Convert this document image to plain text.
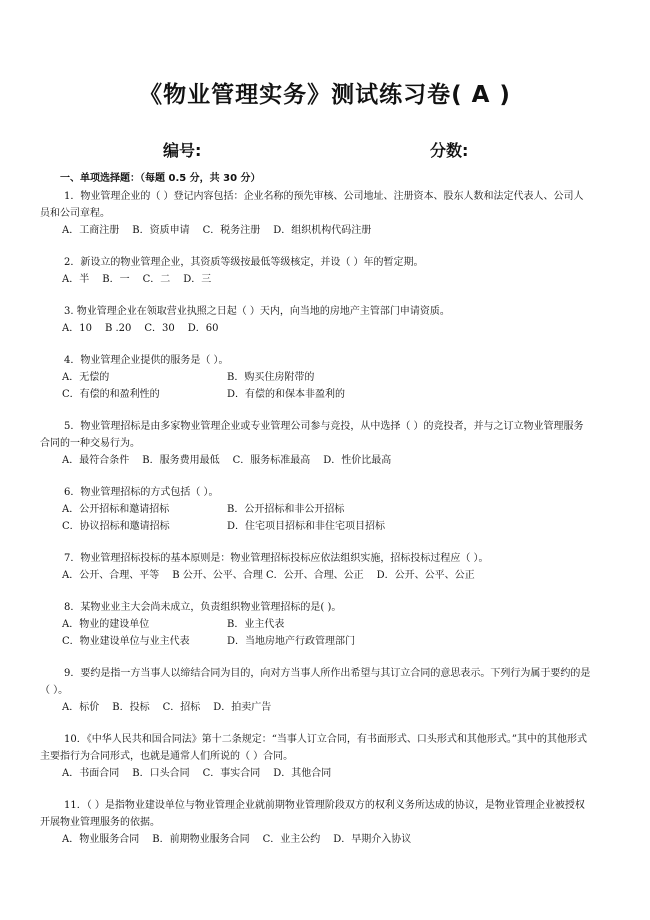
《物业管理实务》测试练习卷( A )
编号:	分数:
一、单项选择题：（每题 0.5 分，共 30 分）

1．物业管理企业的（ ）登记内容包括：企业名称的预先审核、公司地址、注册资本、股东人数和法定代表人、公司人员和公司章程。

A．工商注册 B．资质申请 C．税务注册 D．组织机构代码注册

2．新设立的物业管理企业，其资质等级按最低等级核定，并设（ ）年的暂定期。

A．半 B．一 C．二 D．三

3. 物业管理企业在领取营业执照之日起（ ）天内，向当地的房地产主管部门申请资质。

A．10 B .20 C．30 D．60

4．物业管理企业提供的服务是（ ）。

A．无偿的	B．购买住房附带的
C．有偿的和盈利性的	D．有偿的和保本非盈利的

5．物业管理招标是由多家物业管理企业或专业管理公司参与竞投，从中选择（ ）的竞投者，并与之订立物业管理服务合同的一种交易行为。

A．最符合条件 B．服务费用最低 C．服务标准最高 D．性价比最高

6．物业管理招标的方式包括（ ）。

A．公开招标和邀请招标	B．公开招标和非公开招标
C．协议招标和邀请招标	D．住宅项目招标和非住宅项目招标

7．物业管理招标投标的基本原则是：物业管理招标投标应依法组织实施，招标投标过程应（ ）。

A．公开、合理、平等 B 公开、公平、合理 C．公开、合理、公正 D．公开、公平、公正

8．某物业业主大会尚未成立，负责组织物业管理招标的是( )。

A．物业的建设单位	B．业主代表
C．物业建设单位与业主代表	D．当地房地产行政管理部门

9．要约是指一方当事人以缔结合同为目的，向对方当事人所作出希望与其订立合同的意思表示。下列行为属于要约的是（ ）。

A．标价 B．投标 C．招标 D．拍卖广告

10．《中华人民共和国合同法》第十二条规定：“当事人订立合同，有书面形式、口头形式和其他形式。”其中的其他形式主要指行为合同形式，也就是通常人们所说的（ ）合同。

A．书面合同 B．口头合同 C．事实合同 D．其他合同

11．（ ）是指物业建设单位与物业管理企业就前期物业管理阶段双方的权利义务所达成的协议，是物业管理企业被授权开展物业管理服务的依据。

A．物业服务合同 B．前期物业服务合同 C．业主公约 D．早期介入协议
